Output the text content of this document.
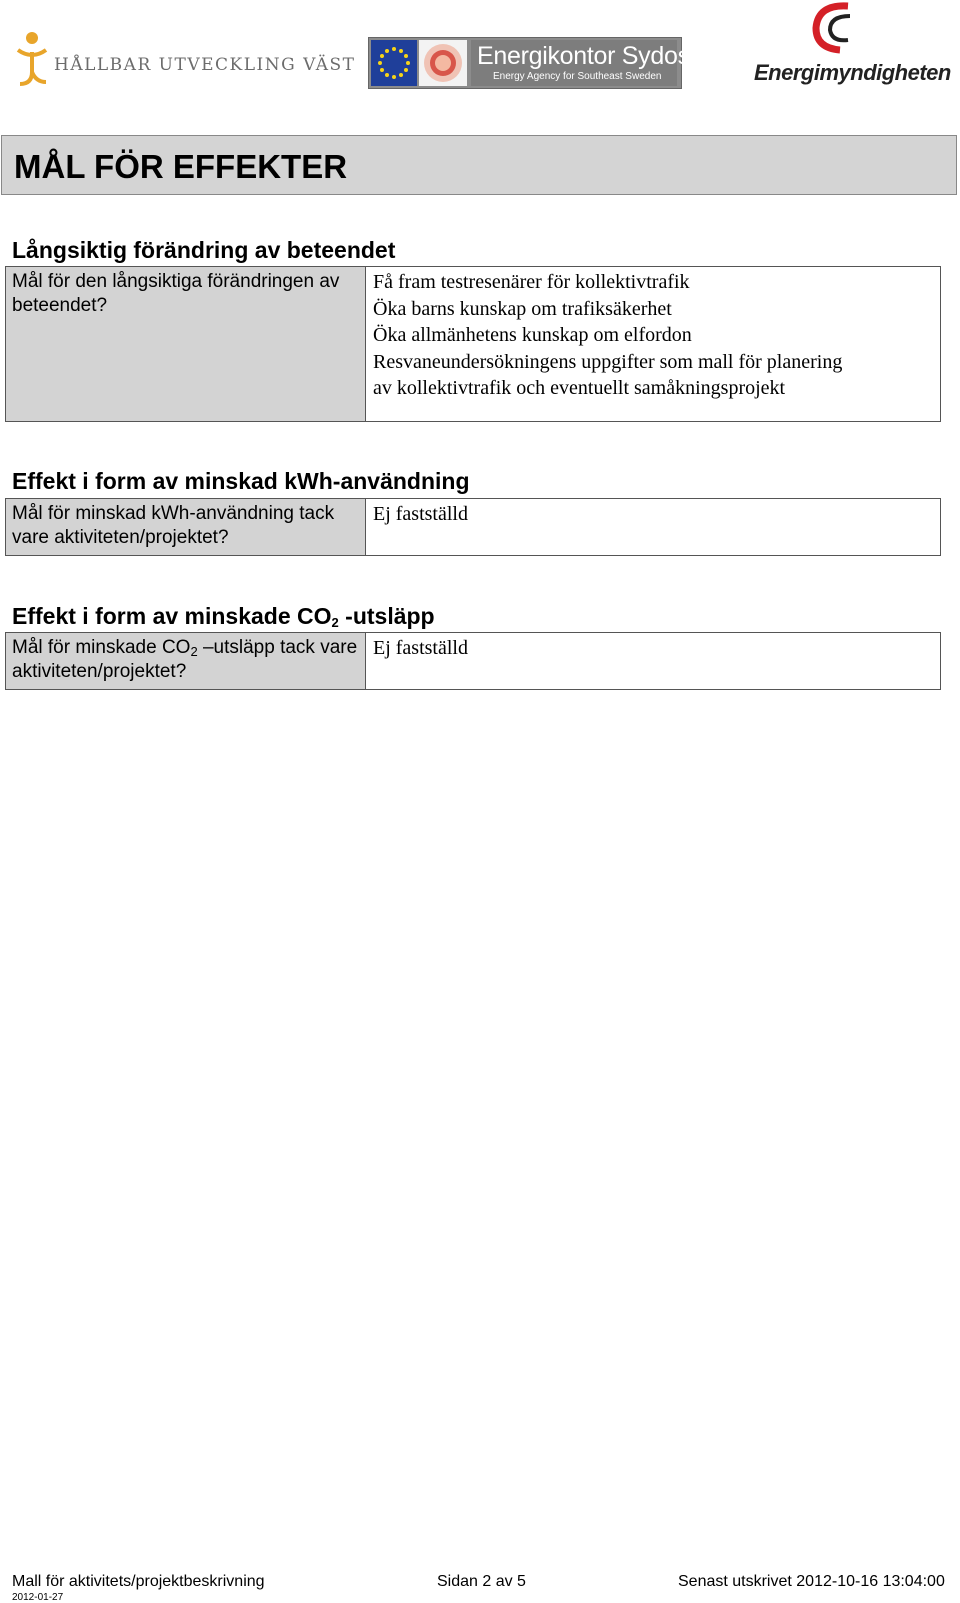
HÅLLBAR UTVECKLING VÄST	Energikontor Sydost
Energy Agency for Southeast Sweden	Energimyndigheten
MÅL FÖR EFFEKTER
Långsiktig förändring av beteendet
Mål för den långsiktiga förändringen av beteendet?
Få fram testresenärer för kollektivtrafik
Öka barns kunskap om trafiksäkerhet
Öka allmänhetens kunskap om elfordon
Resvaneundersökningens uppgifter som mall för planering
av kollektivtrafik och eventuellt samåkningsprojekt
Effekt i form av minskad kWh-användning
Mål för minskad kWh-användning tack vare aktiviteten/projektet?
Ej fastställd
Effekt i form av minskade $CO_2$ -utsläpp
Mål för minskade $CO_2$ –utsläpp tack vare aktiviteten/projektet?
Ej fastställd
Mall för aktivitets/projektbeskrivning	Sidan 2 av 5	Senast utskrivet 2012-10-16 13:04:00
2012-01-27
